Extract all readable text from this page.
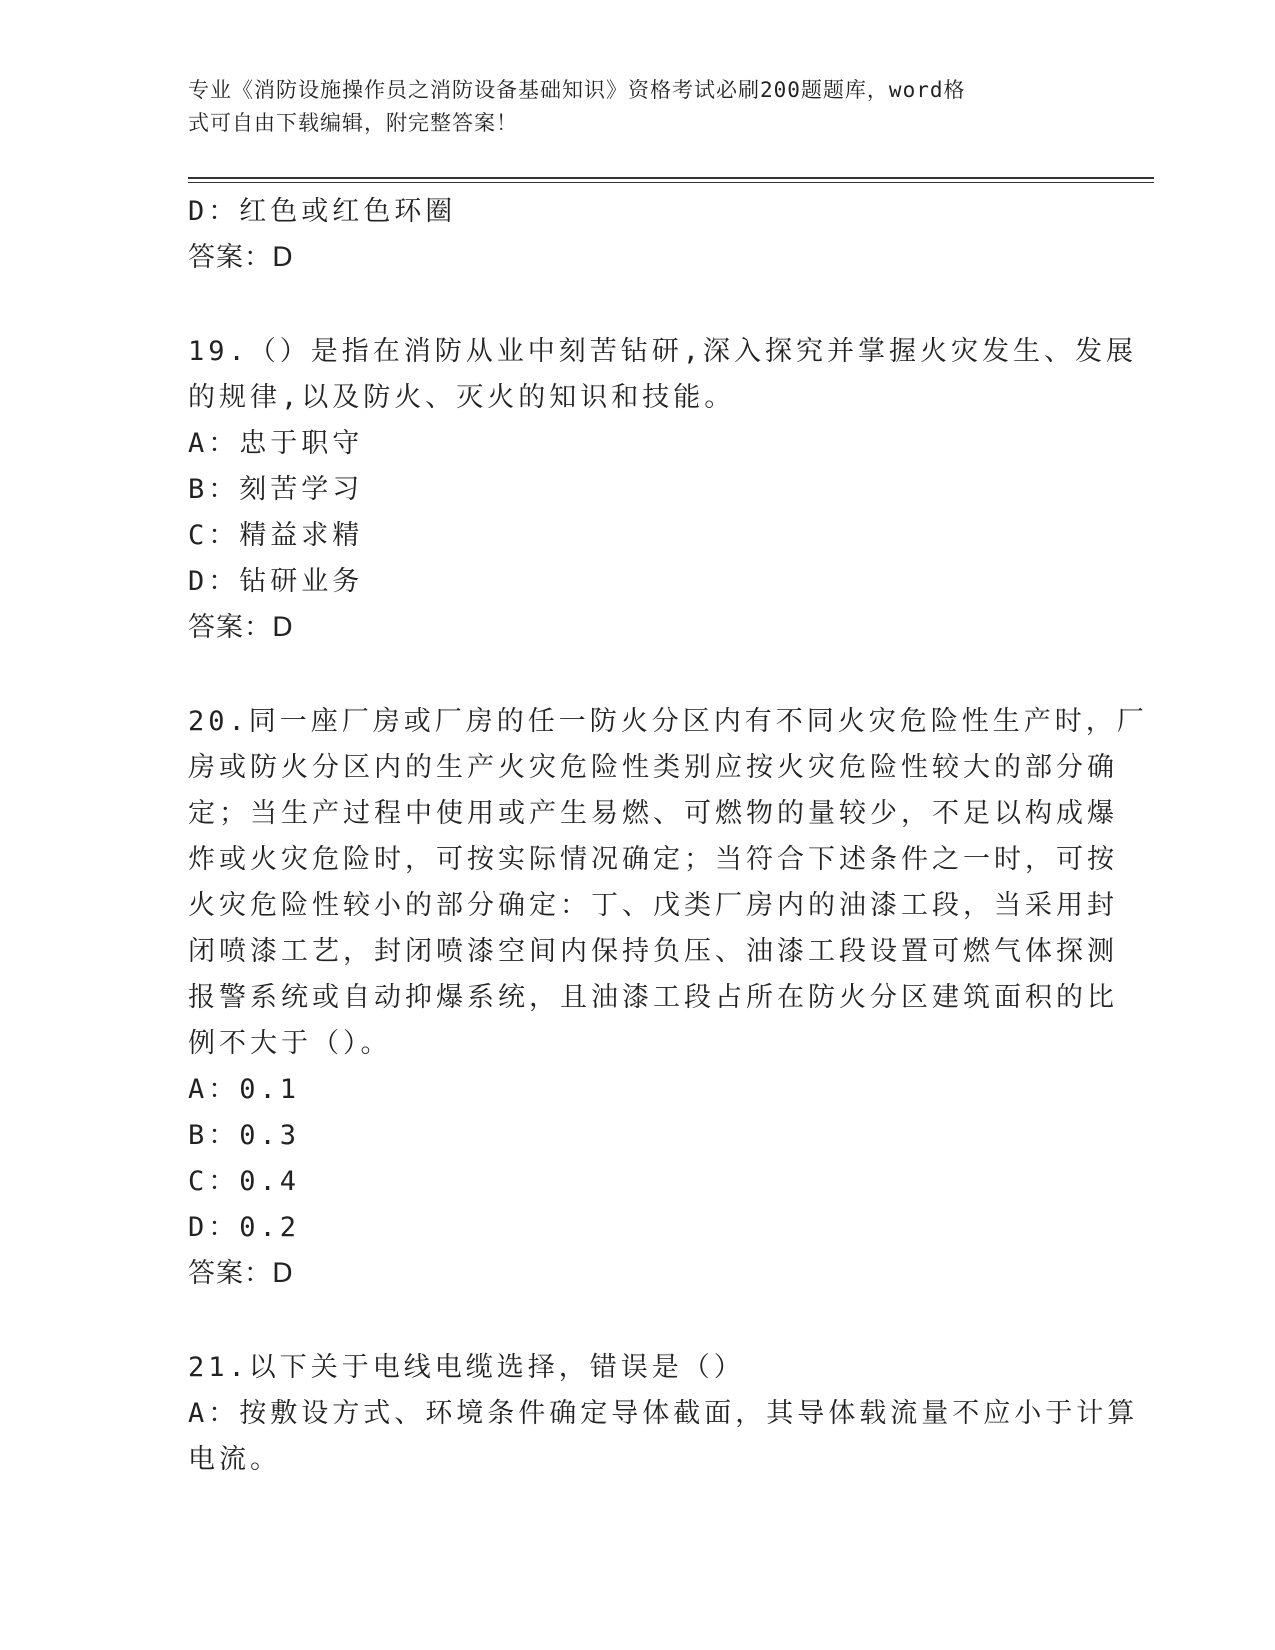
专业《消防设施操作员之消防设备基础知识》资格考试必刷200题题库，word格
式可自由下载编辑，附完整答案！
D：红色或红色环圈
答案：D
19.（）是指在消防从业中刻苦钻研,深入探究并掌握火灾发生、发展
的规律,以及防火、灭火的知识和技能。
A：忠于职守
B：刻苦学习
C：精益求精
D：钻研业务
答案：D
20.同一座厂房或厂房的任一防火分区内有不同火灾危险性生产时，厂
房或防火分区内的生产火灾危险性类别应按火灾危险性较大的部分确
定；当生产过程中使用或产生易燃、可燃物的量较少，不足以构成爆
炸或火灾危险时，可按实际情况确定；当符合下述条件之一时，可按
火灾危险性较小的部分确定：丁、戊类厂房内的油漆工段，当采用封
闭喷漆工艺，封闭喷漆空间内保持负压、油漆工段设置可燃气体探测
报警系统或自动抑爆系统，且油漆工段占所在防火分区建筑面积的比
例不大于（）。
A：0.1
B：0.3
C：0.4
D：0.2
答案：D
21.以下关于电线电缆选择，错误是（）
A：按敷设方式、环境条件确定导体截面，其导体载流量不应小于计算
电流。
